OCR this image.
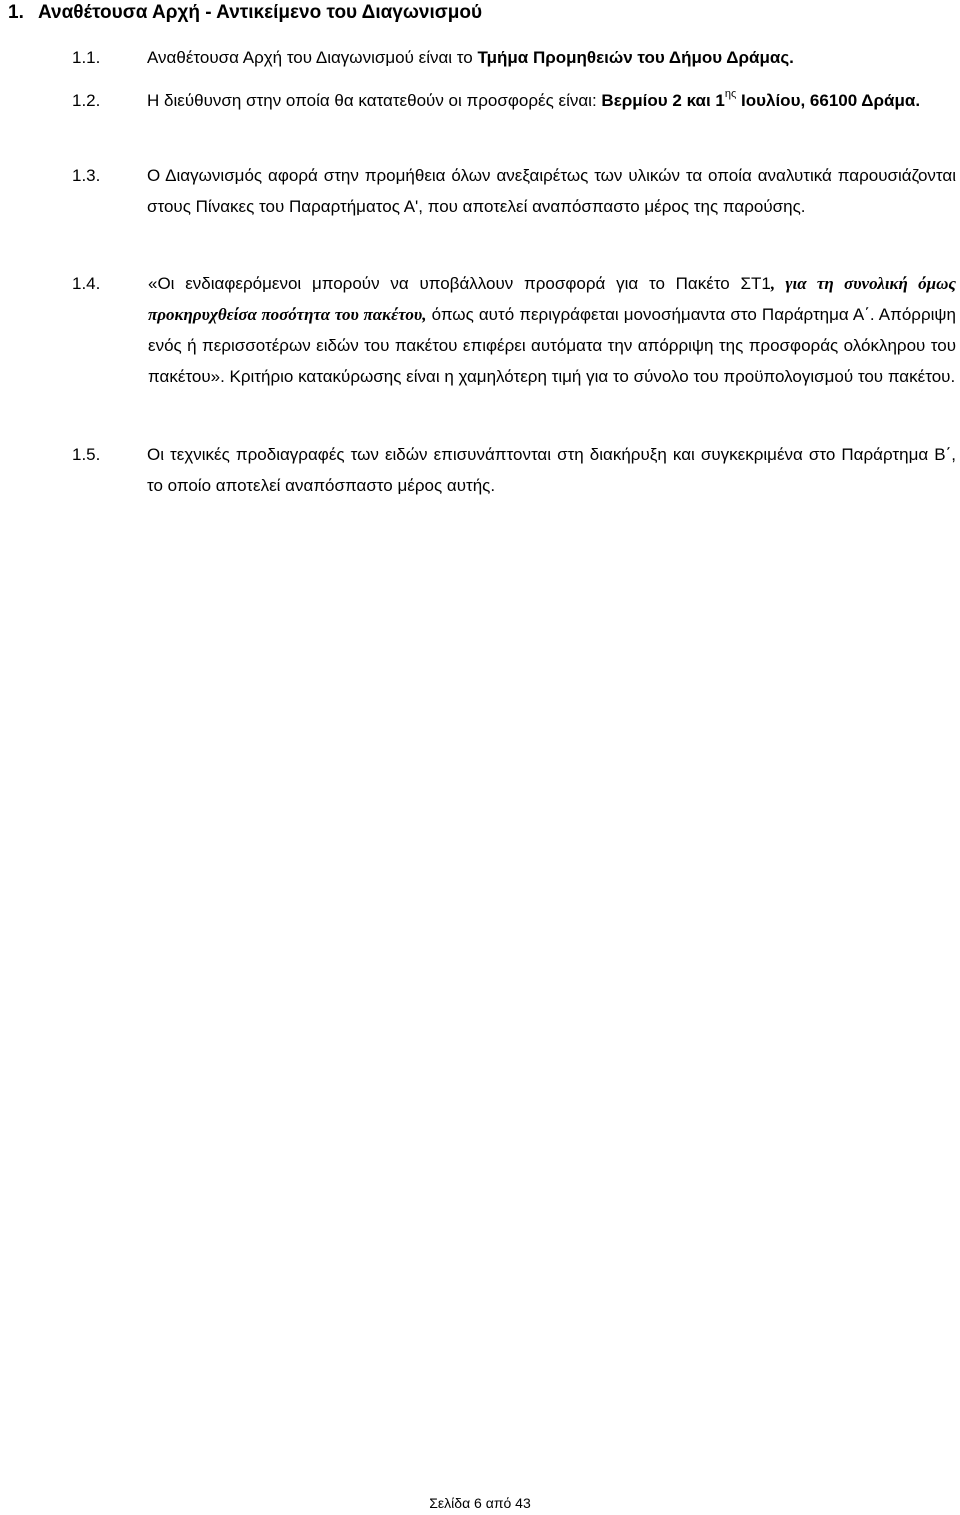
1. Αναθέτουσα Αρχή - Αντικείμενο του Διαγωνισμού
1.1.	Αναθέτουσα Αρχή του Διαγωνισμού είναι το Τμήμα Προμηθειών του Δήμου Δράμας.
1.2.	Η διεύθυνση στην οποία θα κατατεθούν οι προσφορές είναι: Βερμίου 2 και $1^{\eta\varsigma}$ Ιουλίου, 66100 Δράμα.
1.3.	Ο Διαγωνισμός αφορά στην προμήθεια όλων ανεξαιρέτως των υλικών τα οποία αναλυτικά παρουσιάζονται στους Πίνακες του Παραρτήματος Α', που αποτελεί αναπόσπαστο μέρος της παρούσης.
1.4.	«Οι ενδιαφερόμενοι μπορούν να υποβάλλουν προσφορά για το Πακέτο ΣΤ1, για τη συνολική όμως προκηρυχθείσα ποσότητα του πακέτου, όπως αυτό περιγράφεται μονοσήμαντα στο Παράρτημα Α΄. Απόρριψη ενός ή περισσοτέρων ειδών του πακέτου επιφέρει αυτόματα την απόρριψη της προσφοράς ολόκληρου του πακέτου». Κριτήριο κατακύρωσης είναι η χαμηλότερη τιμή για το σύνολο του προϋπολογισμού του πακέτου.
1.5.	Οι τεχνικές προδιαγραφές των ειδών επισυνάπτονται στη διακήρυξη και συγκεκριμένα στο Παράρτημα Β΄, το οποίο αποτελεί αναπόσπαστο μέρος αυτής.
Σελίδα 6 από 43
